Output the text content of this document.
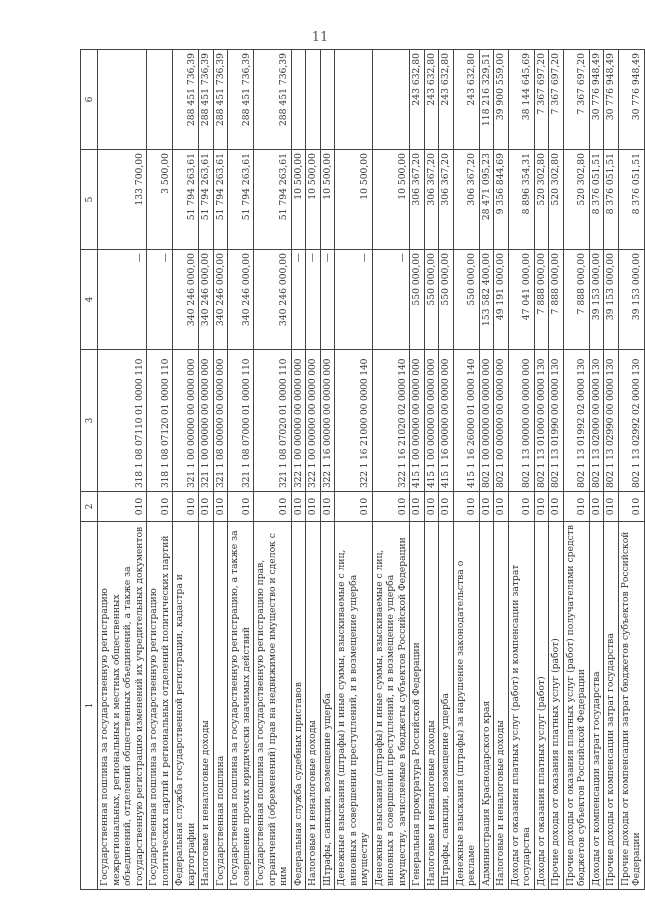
11
1	2	3	4	5	6
Государственная пошлина за государственную регистрацию межрегиональных, региональных и местных общественных объединений, отделений общественных объединений, а также за государственную регистрацию изменений их учредительных документов	010	318 1 08 07110 01 0000 110	—	133 700,00	
Государственная пошлина за государственную регистрацию политических партий и региональных отделений политических партий	010	318 1 08 07120 01 0000 110	—	3 500,00	
Федеральная служба государственной регистрации, кадастра и картографии	010	321 1 00 00000 00 0000 000	340 246 000,00	51 794 263,61	288 451 736,39
Налоговые и неналоговые доходы	010	321 1 00 00000 00 0000 000	340 246 000,00	51 794 263,61	288 451 736,39
Государственная пошлина	010	321 1 08 00000 00 0000 000	340 246 000,00	51 794 263,61	288 451 736,39
Государственная пошлина за государственную регистрацию, а также за совершение прочих юридически значимых действий	010	321 1 08 07000 01 0000 110	340 246 000,00	51 794 263,61	288 451 736,39
Государственная пошлина за государственную регистрацию прав, ограничений (обременений) прав на недвижимое имущество и сделок с ним	010	321 1 08 07020 01 0000 110	340 246 000,00	51 794 263,61	288 451 736,39
Федеральная служба судебных приставов	010	322 1 00 00000 00 0000 000	—	10 500,00	
Налоговые и неналоговые доходы	010	322 1 00 00000 00 0000 000	—	10 500,00	
Штрафы, санкции, возмещение ущерба	010	322 1 16 00000 00 0000 000	—	10 500,00	
Денежные взыскания (штрафы) и иные суммы, взыскиваемые с лиц, виновных в совершении преступлений, и в возмещение ущерба имуществу	010	322 1 16 21000 00 0000 140	—	10 500,00	
Денежные взыскания (штрафы) и иные суммы, взыскиваемые с лиц, виновных в совершении преступлений, и в возмещение ущерба имуществу, зачисляемые в бюджеты субъектов Российской Федерации	010	322 1 16 21020 02 0000 140	—	10 500,00	
Генеральная прокуратура Российской Федерации	010	415 1 00 00000 00 0000 000	550 000,00	306 367,20	243 632,80
Налоговые и неналоговые доходы	010	415 1 00 00000 00 0000 000	550 000,00	306 367,20	243 632,80
Штрафы, санкции, возмещение ущерба	010	415 1 16 00000 00 0000 000	550 000,00	306 367,20	243 632,80
Денежные взыскания (штрафы) за нарушение законодательства о рекламе	010	415 1 16 26000 01 0000 140	550 000,00	306 367,20	243 632,80
Администрация Краснодарского края	010	802 1 00 00000 00 0000 000	153 582 400,00	28 471 095,23	118 216 329,51
Налоговые и неналоговые доходы	010	802 1 00 00000 00 0000 000	49 191 000,00	9 356 844,69	39 900 559,00
Доходы от оказания платных услуг (работ) и компенсации затрат государства	010	802 1 13 00000 00 0000 000	47 041 000,00	8 896 354,31	38 144 645,69
Доходы от оказания платных услуг (работ)	010	802 1 13 01000 00 0000 130	7 888 000,00	520 302,80	7 367 697,20
Прочие доходы от оказания платных услуг (работ)	010	802 1 13 01990 00 0000 130	7 888 000,00	520 302,80	7 367 697,20
Прочие доходы от оказания платных услуг (работ) получателями средств бюджетов субъектов Российской Федерации	010	802 1 13 01992 02 0000 130	7 888 000,00	520 302,80	7 367 697,20
Доходы от компенсации затрат государства	010	802 1 13 02000 00 0000 130	39 153 000,00	8 376 051,51	30 776 948,49
Прочие доходы от компенсации затрат государства	010	802 1 13 02990 00 0000 130	39 153 000,00	8 376 051,51	30 776 948,49
Прочие доходы от компенсации затрат бюджетов субъектов Российской Федерации	010	802 1 13 02992 02 0000 130	39 153 000,00	8 376 051,51	30 776 948,49
